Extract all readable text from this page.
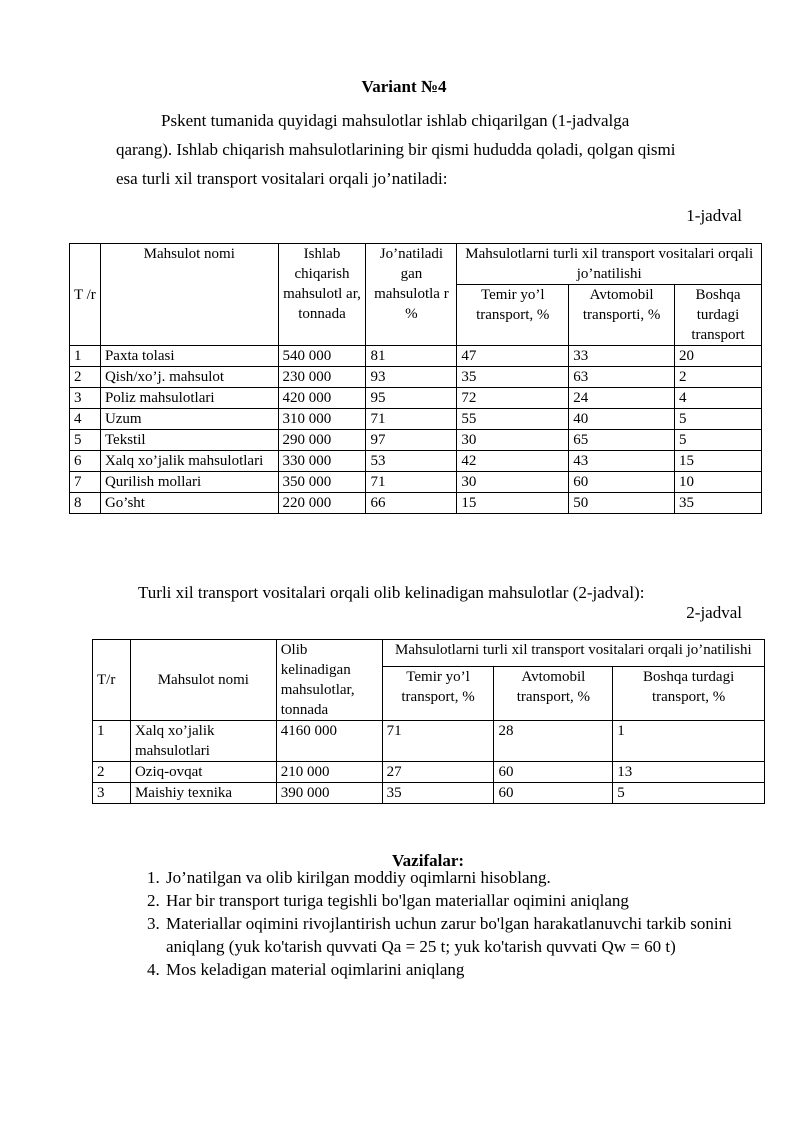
Variant №4
Pskent tumanida quyidagi mahsulotlar ishlab chiqarilgan (1-jadvalga
qarang). Ishlab chiqarish mahsulotlarining bir qismi hududda qoladi, qolgan qismi
esa turli xil transport vositalari orqali jo’natiladi:
1-jadval
T /r	Mahsulot nomi	Ishlab chiqarish mahsulotl ar, tonnada	Jo’natiladi gan mahsulotla r %	Mahsulotlarni turli xil transport vositalari orqali jo’natilishi		
				Temir yo’l transport, %	Avtomobil transporti, %	Boshqa turdagi transport
1	Paxta tolasi	540 000	81	47	33	20
2	Qish/xo’j. mahsulot	230 000	93	35	63	2
3	Poliz mahsulotlari	420 000	95	72	24	4
4	Uzum	310 000	71	55	40	5
5	Tekstil	290 000	97	30	65	5
6	Xalq xo’jalik mahsulotlari	330 000	53	42	43	15
7	Qurilish mollari	350 000	71	30	60	10
8	Go’sht	220 000	66	15	50	35
Turli xil transport vositalari orqali olib kelinadigan mahsulotlar (2-jadval):
2-jadval
T/r	Mahsulot nomi	Olib kelinadigan mahsulotlar, tonnada	Mahsulotlarni turli xil transport vositalari orqali jo’natilishi		
			Temir yo’l transport, %	Avtomobil transport, %	Boshqa turdagi transport, %
1	Xalq xo’jalik mahsulotlari	4160 000	71	28	1
2	Oziq-ovqat	210 000	27	60	13
3	Maishiy texnika	390 000	35	60	5
Vazifalar:
1. Jo’natilgan va olib kirilgan moddiy oqimlarni hisoblang.
2. Har bir transport turiga tegishli bo'lgan materiallar oqimini aniqlang
3. Materiallar oqimini rivojlantirish uchun zarur bo'lgan harakatlanuvchi tarkib sonini aniqlang (yuk ko'tarish quvvati Qa = 25 t; yuk ko'tarish quvvati Qw = 60 t)
4. Mos keladigan material oqimlarini aniqlang
